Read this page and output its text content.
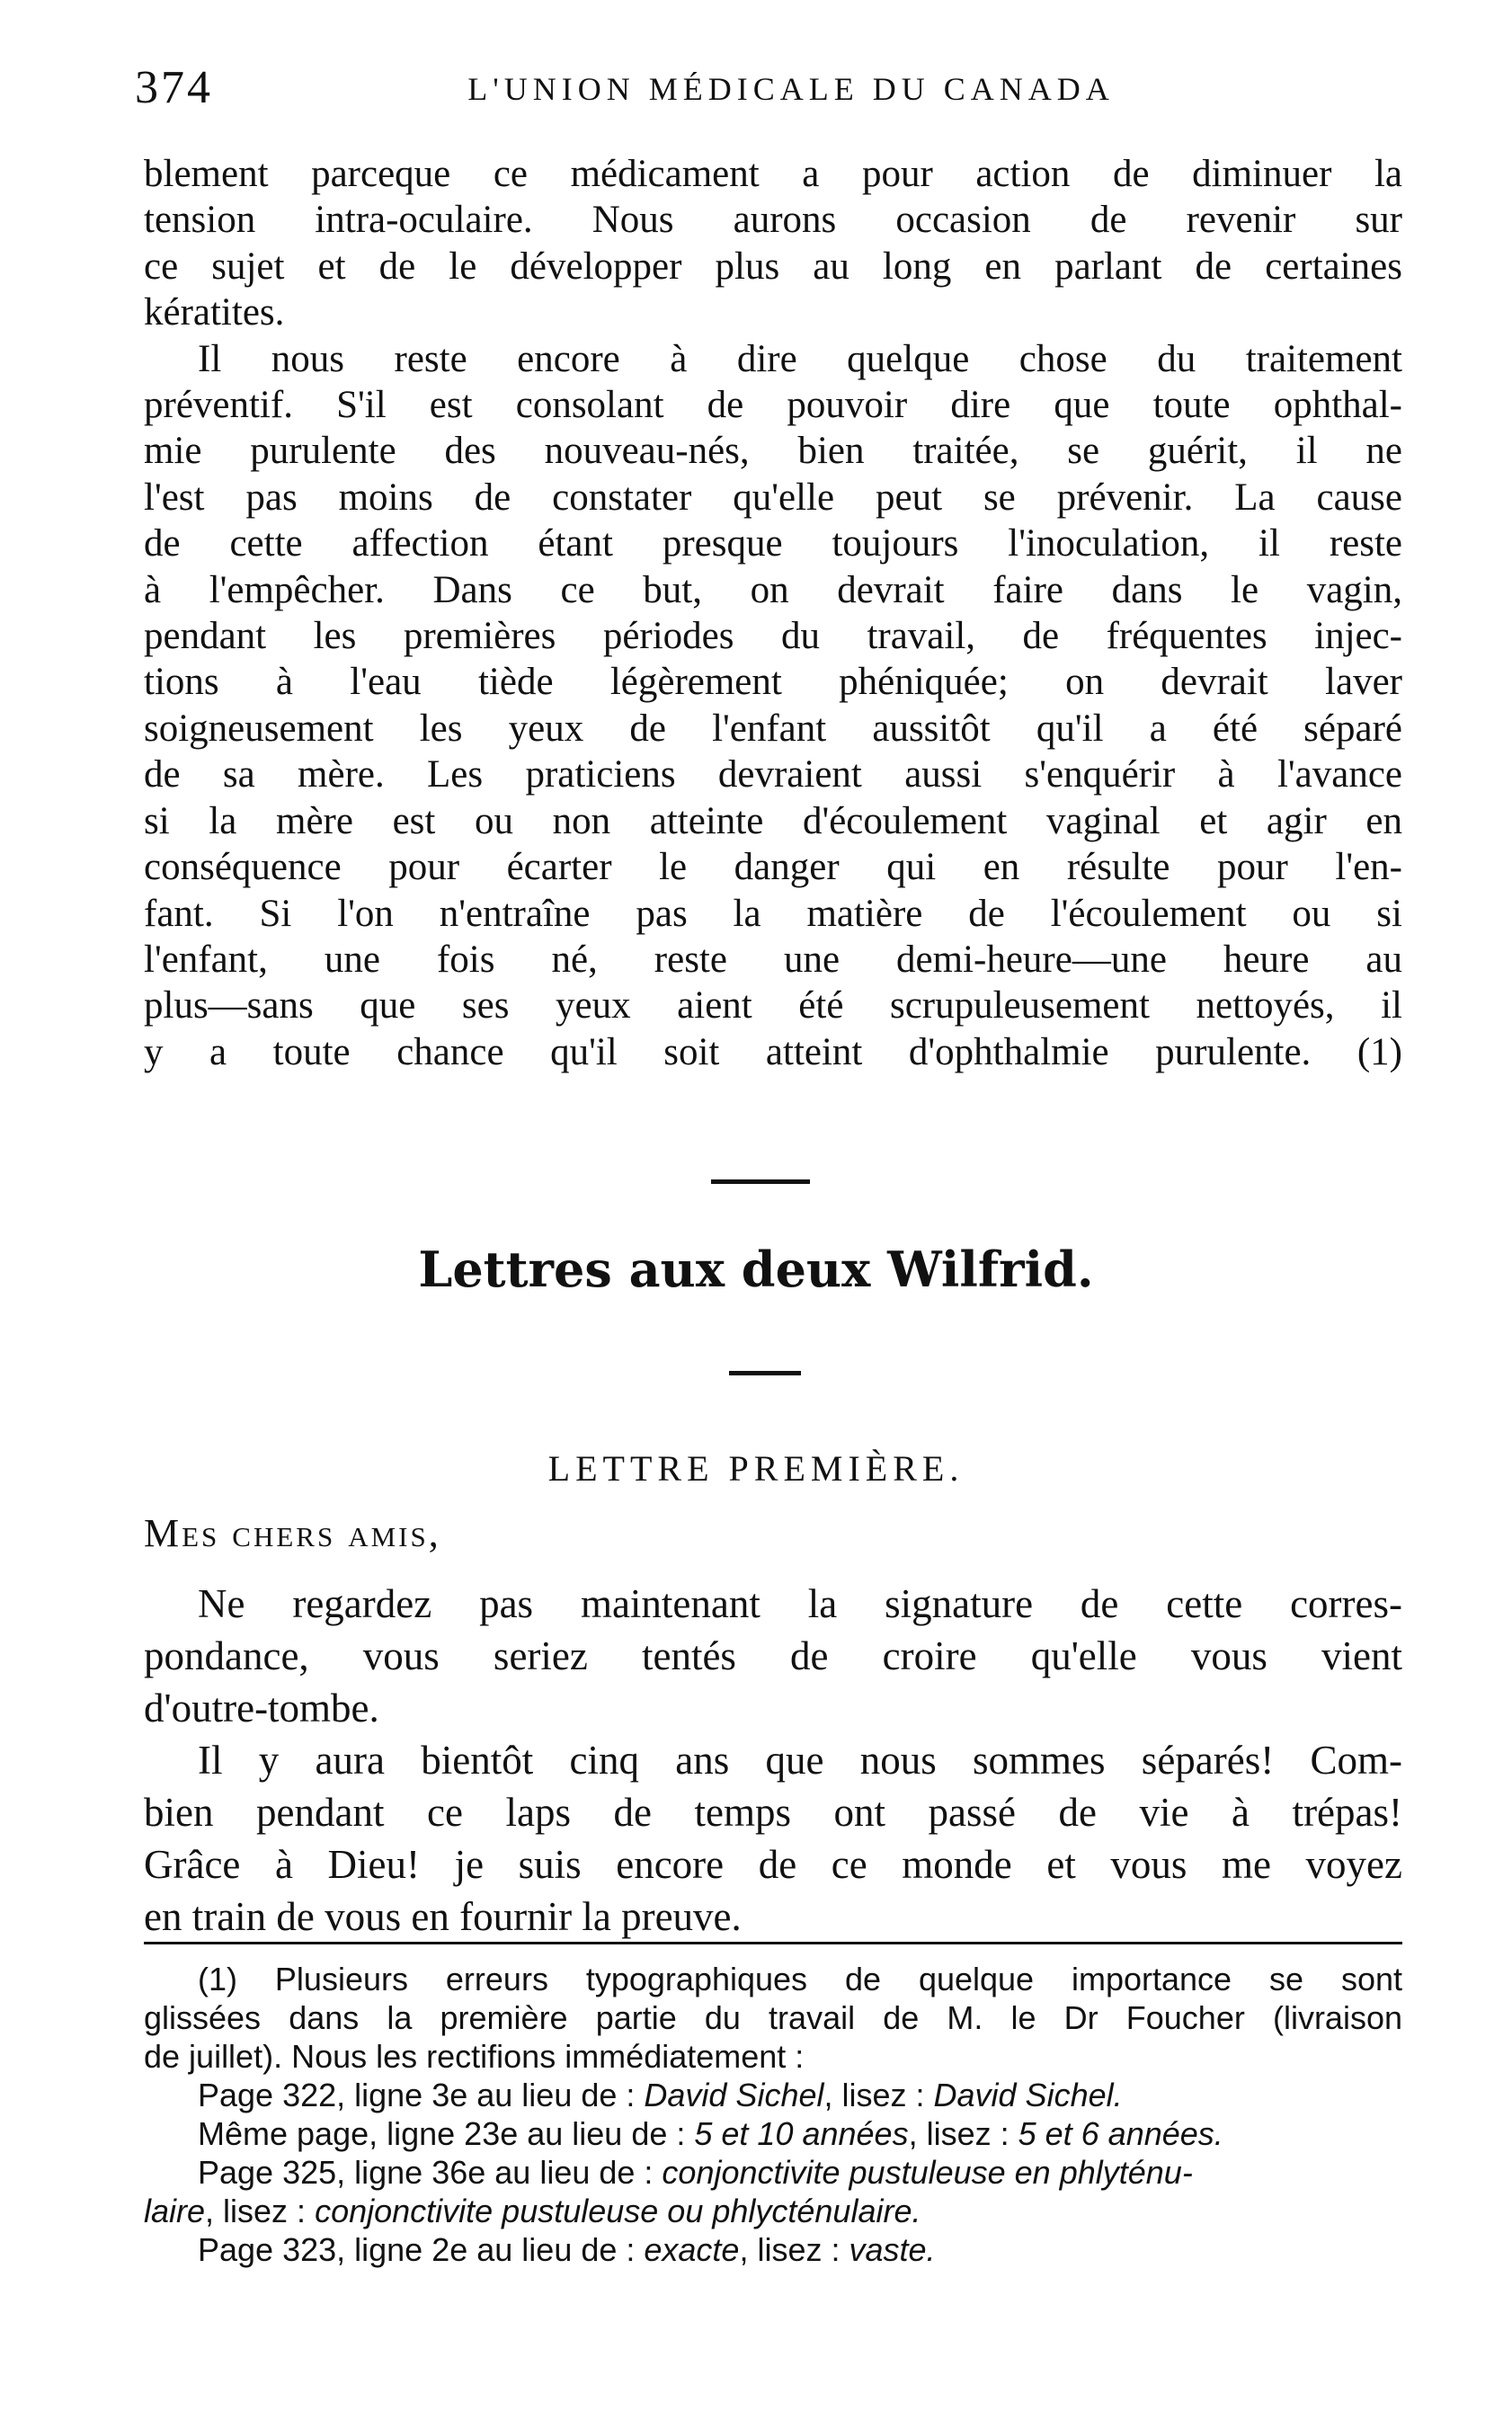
374	L'UNION MÉDICALE DU CANADA
blement parceque ce médicament a pour action de diminuer la
tension intra-oculaire. Nous aurons occasion de revenir sur
ce sujet et de le développer plus au long en parlant de certaines
kératites.
Il nous reste encore à dire quelque chose du traitement
préventif. S'il est consolant de pouvoir dire que toute ophthal-
mie purulente des nouveau-nés, bien traitée, se guérit, il ne
l'est pas moins de constater qu'elle peut se prévenir. La cause
de cette affection étant presque toujours l'inoculation, il reste
à l'empêcher. Dans ce but, on devrait faire dans le vagin,
pendant les premières périodes du travail, de fréquentes injec-
tions à l'eau tiède légèrement phéniquée; on devrait laver
soigneusement les yeux de l'enfant aussitôt qu'il a été séparé
de sa mère. Les praticiens devraient aussi s'enquérir à l'avance
si la mère est ou non atteinte d'écoulement vaginal et agir en
conséquence pour écarter le danger qui en résulte pour l'en-
fant. Si l'on n'entraîne pas la matière de l'écoulement ou si
l'enfant, une fois né, reste une demi-heure—une heure au
plus—sans que ses yeux aient été scrupuleusement nettoyés, il
y a toute chance qu'il soit atteint d'ophthalmie purulente. (1)
Lettres aux deux Wilfrid.
LETTRE PREMIÈRE.
Mes chers amis,
Ne regardez pas maintenant la signature de cette corres-
pondance, vous seriez tentés de croire qu'elle vous vient
d'outre-tombe.
Il y aura bientôt cinq ans que nous sommes séparés! Com-
bien pendant ce laps de temps ont passé de vie à trépas!
Grâce à Dieu! je suis encore de ce monde et vous me voyez
en train de vous en fournir la preuve.
(1) Plusieurs erreurs typographiques de quelque importance se sont
glissées dans la première partie du travail de M. le Dr Foucher (livraison
de juillet). Nous les rectifions immédiatement :
Page 322, ligne 3e au lieu de : David Sichel, lisez : David Sichel.
Même page, ligne 23e au lieu de : 5 et 10 années, lisez : 5 et 6 années.
Page 325, ligne 36e au lieu de : conjonctivite pustuleuse en phlyténu-
laire, lisez : conjonctivite pustuleuse ou phlycténulaire.
Page 323, ligne 2e au lieu de : exacte, lisez : vaste.
